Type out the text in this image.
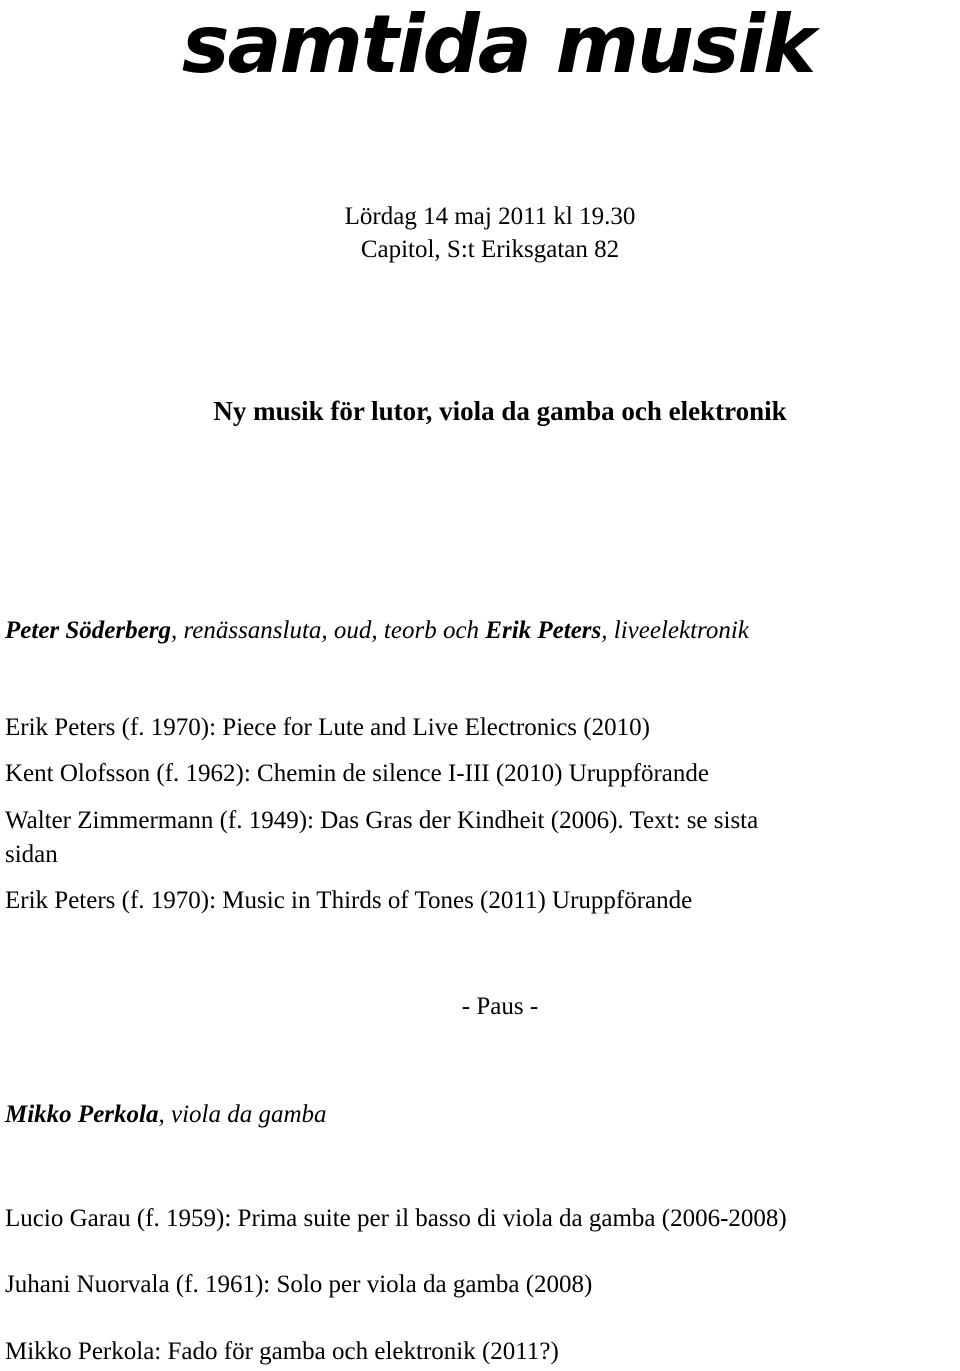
samtida musik
Lördag 14 maj 2011 kl 19.30
Capitol, S:t Eriksgatan 82
Ny musik för lutor, viola da gamba och elektronik
Peter Söderberg, renässansluta, oud, teorb och Erik Peters, liveelektronik
Erik Peters (f. 1970): Piece for Lute and Live Electronics (2010)
Kent Olofsson (f. 1962): Chemin de silence I-III (2010) Uruppförande
Walter Zimmermann (f. 1949): Das Gras der Kindheit (2006). Text: se sista
sidan
Erik Peters (f. 1970): Music in Thirds of Tones (2011) Uruppförande
- Paus -
Mikko Perkola, viola da gamba
Lucio Garau (f. 1959): Prima suite per il basso di viola da gamba (2006-2008)
Juhani Nuorvala (f. 1961): Solo per viola da gamba (2008)
Mikko Perkola: Fado för gamba och elektronik (2011?)
